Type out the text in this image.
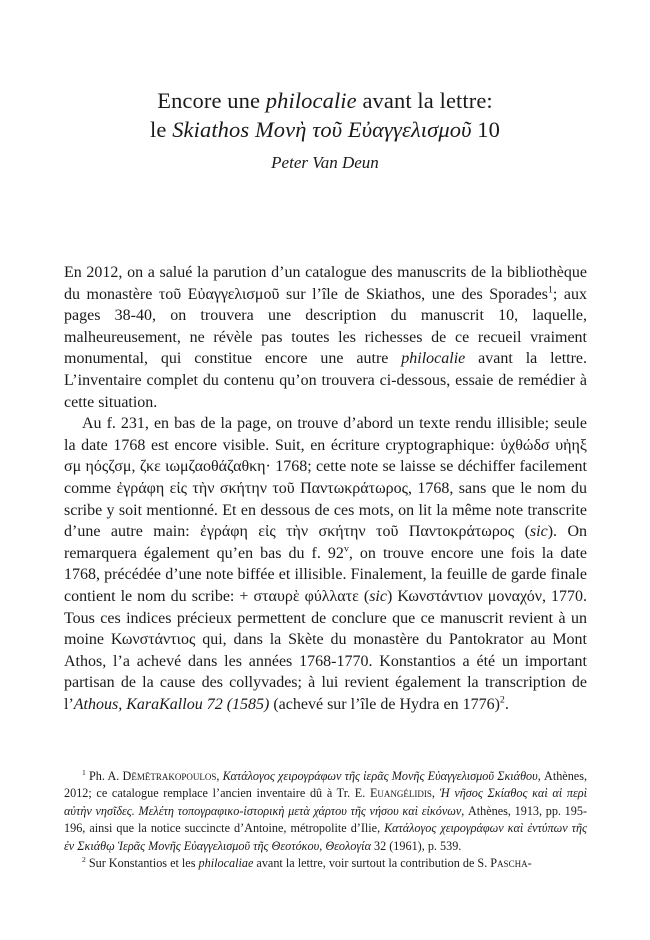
Encore une philocalie avant la lettre:
le Skiathos Μονὴ τοῦ Εὐαγγελισμοῦ 10
Peter Van Deun

En 2012, on a salué la parution d’un catalogue des manuscrits de la bibliothèque du monastère τοῦ Εὐαγγελισμοῦ sur l’île de Skiathos, une des Sporades$^1$; aux pages 38-40, on trouvera une description du manuscrit 10, laquelle, malheureusement, ne révèle pas toutes les richesses de ce recueil vraiment monumental, qui constitue encore une autre philocalie avant la lettre. L’inventaire complet du contenu qu’on trouvera ci-dessous, essaie de remédier à cette situation.

Au f. 231, en bas de la page, on trouve d’abord un texte rendu illisible; seule la date 1768 est encore visible. Suit, en écriture cryptographique: ὑχθώδσ υἠηξ σμ ηόςζσμ, ζκε ιωμζαοθάζαθκη· 1768; cette note se laisse se déchiffer facilement comme ἐγράφη εἰς τὴν σκήτην τοῦ Παντωκράτωρος, 1768, sans que le nom du scribe y soit mentionné. Et en dessous de ces mots, on lit la même note transcrite d’une autre main: ἐγράφη εἰς τὴν σκήτην τοῦ Παντοκράτωρος (sic). On remarquera également qu’en bas du f. 92$^v$, on trouve encore une fois la date 1768, précédée d’une note biffée et illisible. Finalement, la feuille de garde finale contient le nom du scribe: + σταυρὲ φύλλατε (sic) Κωνστάντιον μοναχόν, 1770. Tous ces indices précieux permettent de conclure que ce manuscrit revient à un moine Κωνστάντιος qui, dans la Skète du monastère du Pantokrator au Mont Athos, l’a achevé dans les années 1768-1770. Konstantios a été un important partisan de la cause des collyvades; à lui revient également la transcription de l’Athous, KaraKallou 72 (1585) (achevé sur l’île de Hydra en 1776)$^2$.

$^1$ Ph. A. Dēmētrakopoulos, Κατάλογος χειρογράφων τῆς ἱερᾶς Μονῆς Εὐαγγελισμοῦ Σκιάθου, Athènes, 2012; ce catalogue remplace l’ancien inventaire dû à Tr. E. Euangélidis, Ἡ νῆσος Σκίαθος καὶ αἱ περὶ αὐτὴν νησῖδες. Μελέτη τοπογραφικο-ἱστορικὴ μετὰ χάρτου τῆς νήσου καὶ εἰκόνων, Athènes, 1913, pp. 195-196, ainsi que la notice succincte d’Antoine, métropolite d’Ilie, Κατάλογος χειρογράφων καὶ ἐντύπων τῆς ἐν Σκιάθῳ Ἱερᾶς Μονῆς Εὐαγγελισμοῦ τῆς Θεοτόκου, Θεολογία 32 (1961), p. 539.

$^2$ Sur Konstantios et les philocaliae avant la lettre, voir surtout la contribution de S. Pascha-
